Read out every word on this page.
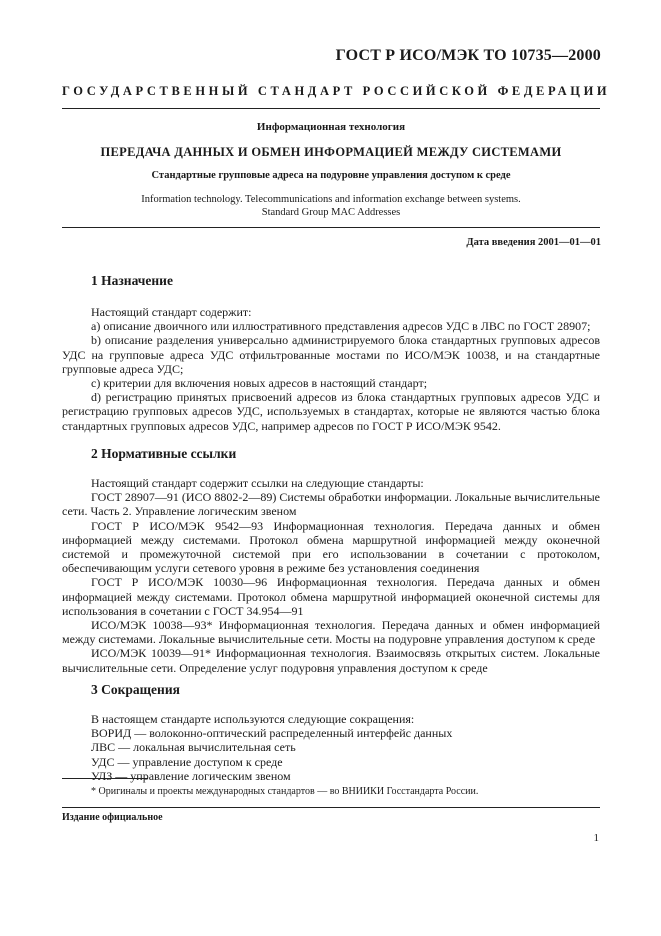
ГОСТ Р ИСО/МЭК ТО 10735—2000
ГОСУДАРСТВЕННЫЙ СТАНДАРТ РОССИЙСКОЙ ФЕДЕРАЦИИ
Информационная технология
ПЕРЕДАЧА ДАННЫХ И ОБМЕН ИНФОРМАЦИЕЙ МЕЖДУ СИСТЕМАМИ
Стандартные групповые адреса на подуровне управления доступом к среде
Information technology. Telecommunications and information exchange between systems.
Standard Group MAC Addresses
Дата введения 2001—01—01
1 Назначение

Настоящий стандарт содержит:

а) описание двоичного или иллюстративного представления адресов УДС в ЛВС по ГОСТ 28907;

b) описание разделения универсально администрируемого блока стандартных групповых адресов УДС на групповые адреса УДС отфильтрованные мостами по ИСО/МЭК 10038, и на стандартные групповые адреса УДС;

c) критерии для включения новых адресов в настоящий стандарт;

d) регистрацию принятых присвоений адресов из блока стандартных групповых адресов УДС и регистрацию групповых адресов УДС, используемых в стандартах, которые не являются частью блока стандартных групповых адресов УДС, например адресов по ГОСТ Р ИСО/МЭК 9542.

2 Нормативные ссылки

Настоящий стандарт содержит ссылки на следующие стандарты:

ГОСТ 28907—91 (ИСО 8802-2—89) Системы обработки информации. Локальные вычислительные сети. Часть 2. Управление логическим звеном

ГОСТ Р ИСО/МЭК 9542—93 Информационная технология. Передача данных и обмен информацией между системами. Протокол обмена маршрутной информацией между оконечной системой и промежуточной системой при его использовании в сочетании с протоколом, обеспечивающим услуги сетевого уровня в режиме без установления соединения

ГОСТ Р ИСО/МЭК 10030—96 Информационная технология. Передача данных и обмен информацией между системами. Протокол обмена маршрутной информацией оконечной системы для использования в сочетании с ГОСТ 34.954—91

ИСО/МЭК 10038—93* Информационная технология. Передача данных и обмен информацией между системами. Локальные вычислительные сети. Мосты на подуровне управления доступом к среде

ИСО/МЭК 10039—91* Информационная технология. Взаимосвязь открытых систем. Локальные вычислительные сети. Определение услуг подуровня управления доступом к среде

3 Сокращения

В настоящем стандарте используются следующие сокращения:

ВОРИД — волоконно-оптический распределенный интерфейс данных

ЛВС — локальная вычислительная сеть

УДС — управление доступом к среде

УЛЗ — управление логическим звеном

* Оригиналы и проекты международных стандартов — во ВНИИКИ Госстандарта России.
Издание официальное
1
